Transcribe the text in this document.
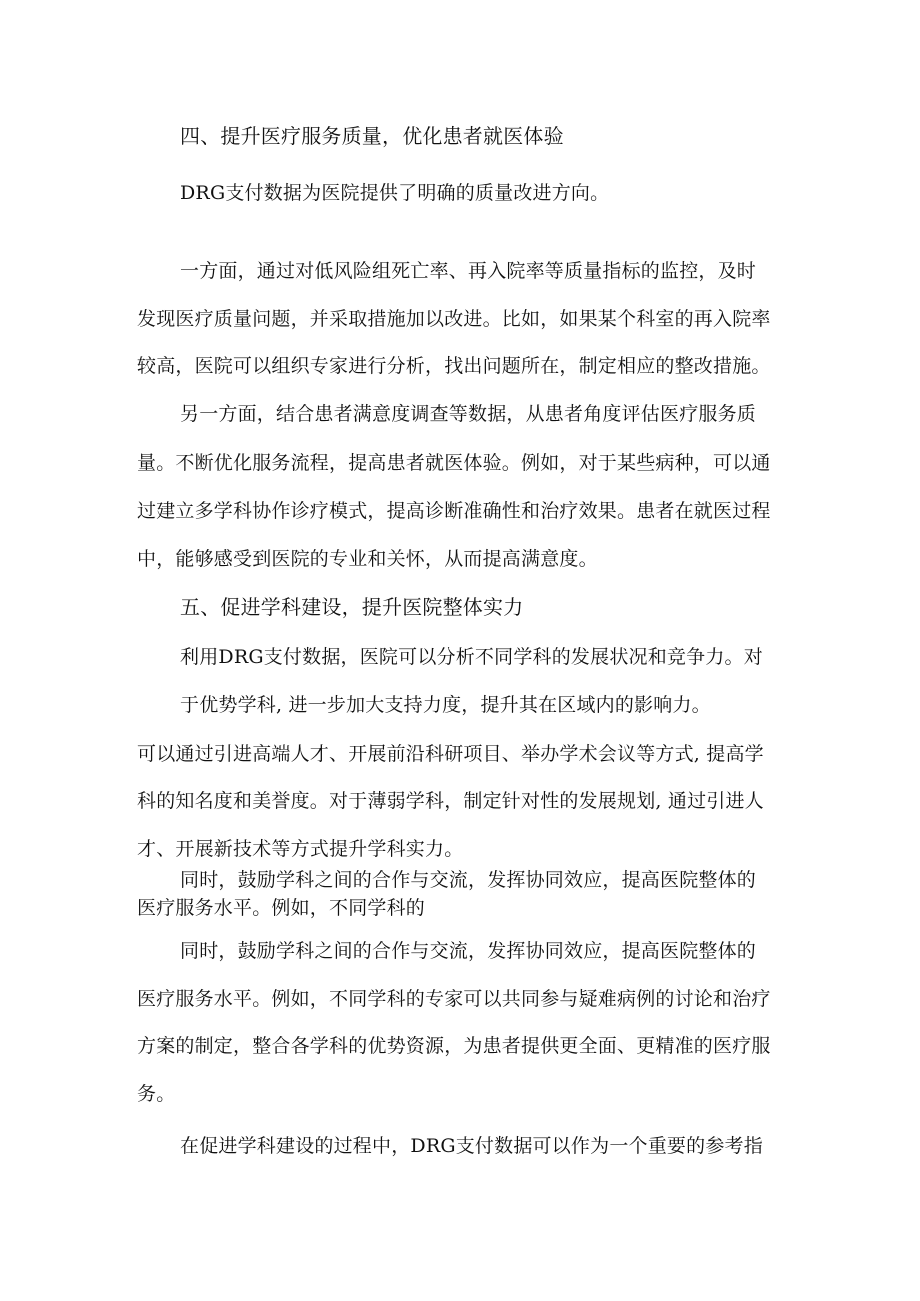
四、提升医疗服务质量，优化患者就医体验
DRG支付数据为医院提供了明确的质量改进方向。
一方面，通过对低风险组死亡率、再入院率等质量指标的监控，及时
发现医疗质量问题，并采取措施加以改进。比如，如果某个科室的再入院率
较高，医院可以组织专家进行分析，找出问题所在，制定相应的整改措施。
另一方面，结合患者满意度调查等数据，从患者角度评估医疗服务质
量。不断优化服务流程，提高患者就医体验。例如，对于某些病种，可以通
过建立多学科协作诊疗模式，提高诊断准确性和治疗效果。患者在就医过程
中，能够感受到医院的专业和关怀，从而提高满意度。
五、促进学科建设，提升医院整体实力
利用DRG支付数据，医院可以分析不同学科的发展状况和竞争力。对
于优势学科, 进一步加大支持力度，提升其在区域内的影响力。
可以通过引进高端人才、开展前沿科研项目、举办学术会议等方式, 提高学
科的知名度和美誉度。对于薄弱学科，制定针对性的发展规划, 通过引进人
才、开展新技术等方式提升学科实力。
同时，鼓励学科之间的合作与交流，发挥协同效应，提高医院整体的
医疗服务水平。例如，不同学科的
同时，鼓励学科之间的合作与交流，发挥协同效应，提高医院整体的
医疗服务水平。例如，不同学科的专家可以共同参与疑难病例的讨论和治疗
方案的制定，整合各学科的优势资源，为患者提供更全面、更精准的医疗服
务。
在促进学科建设的过程中，DRG支付数据可以作为一个重要的参考指
